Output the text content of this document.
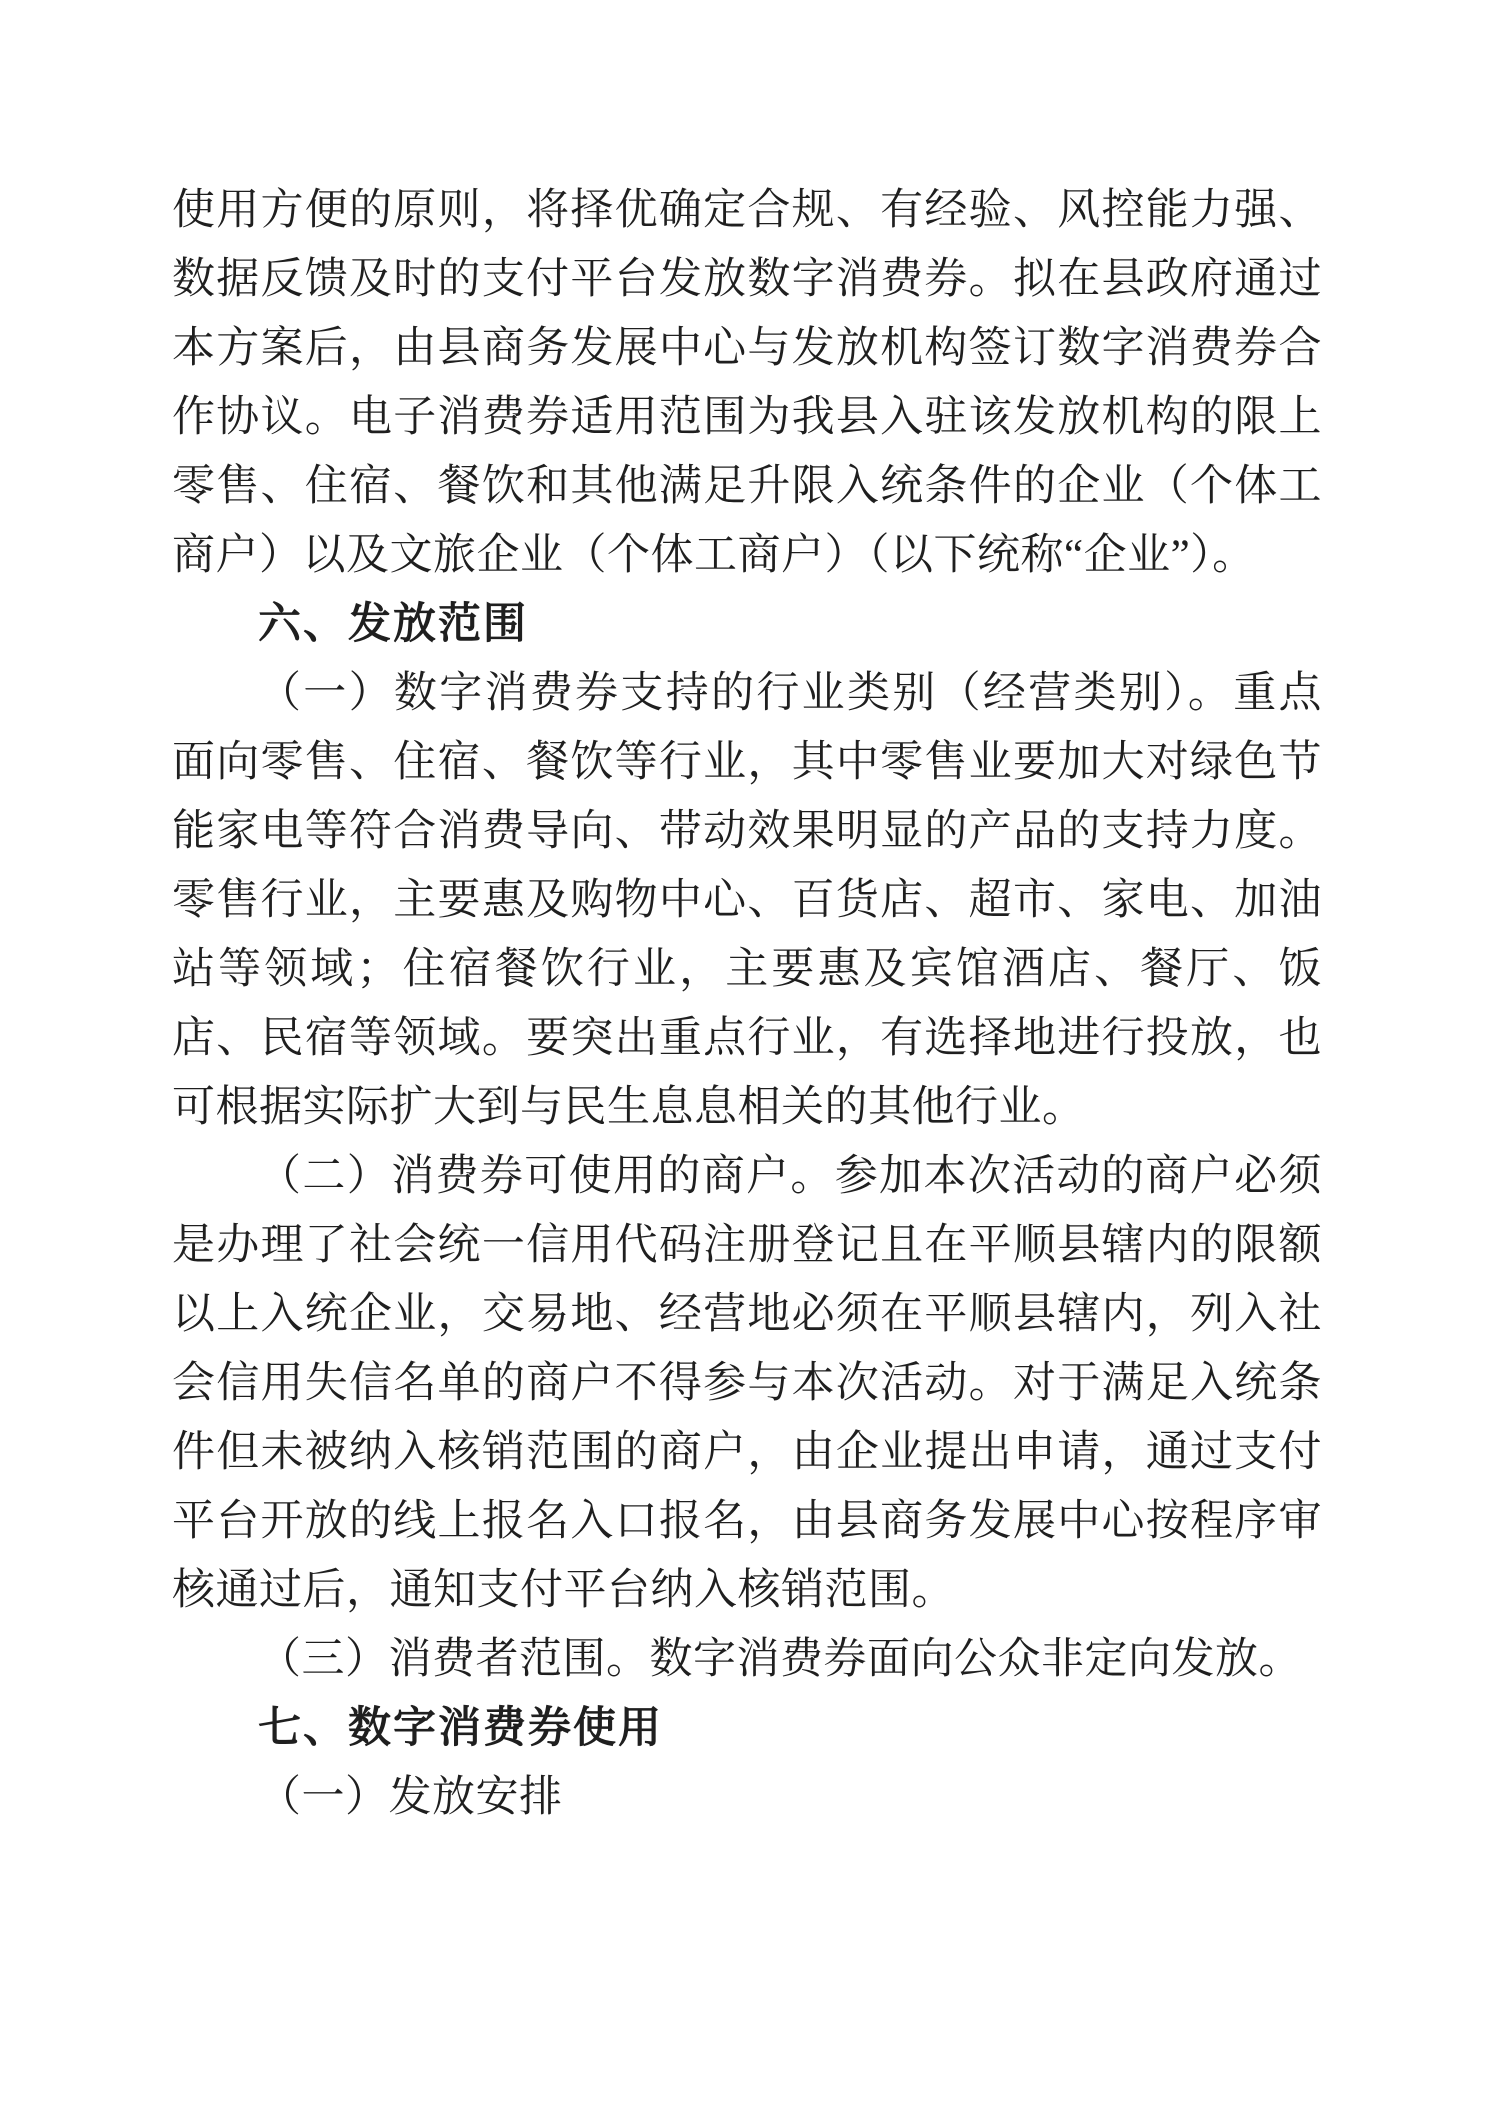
使用方便的原则，将择优确定合规、有经验、风控能力强、数据反馈及时的支付平台发放数字消费券。拟在县政府通过本方案后，由县商务发展中心与发放机构签订数字消费券合作协议。电子消费券适用范围为我县入驻该发放机构的限上零售、住宿、餐饮和其他满足升限入统条件的企业（个体工商户）以及文旅企业（个体工商户）（以下统称“企业”）。

六、发放范围

（一）数字消费券支持的行业类别（经营类别）。重点面向零售、住宿、餐饮等行业，其中零售业要加大对绿色节能家电等符合消费导向、带动效果明显的产品的支持力度。零售行业，主要惠及购物中心、百货店、超市、家电、加油站等领域；住宿餐饮行业，主要惠及宾馆酒店、餐厅、饭店、民宿等领域。要突出重点行业，有选择地进行投放，也可根据实际扩大到与民生息息相关的其他行业。

（二）消费券可使用的商户。参加本次活动的商户必须是办理了社会统一信用代码注册登记且在平顺县辖内的限额以上入统企业，交易地、经营地必须在平顺县辖内，列入社会信用失信名单的商户不得参与本次活动。对于满足入统条件但未被纳入核销范围的商户，由企业提出申请，通过支付平台开放的线上报名入口报名，由县商务发展中心按程序审核通过后，通知支付平台纳入核销范围。

（三）消费者范围。数字消费券面向公众非定向发放。

七、数字消费券使用

（一）发放安排
